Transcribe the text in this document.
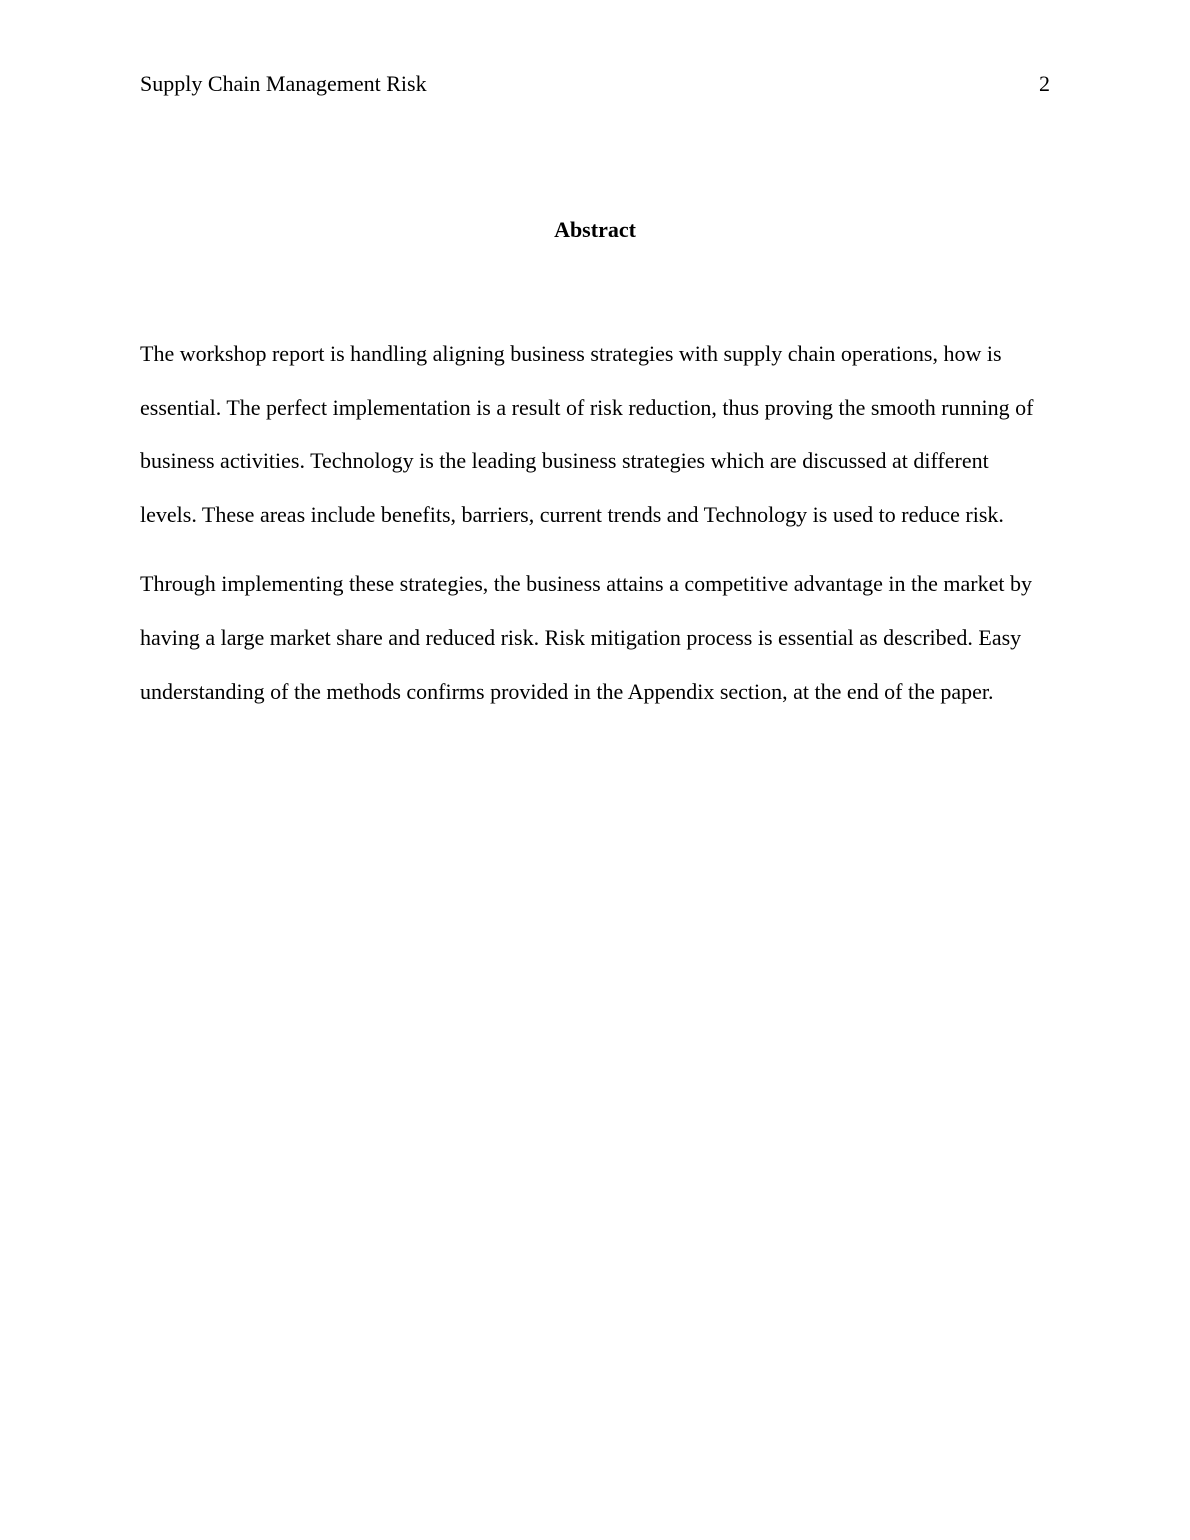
Supply Chain Management Risk	2
Abstract

The workshop report is handling aligning business strategies with supply chain operations, how is essential. The perfect implementation is a result of risk reduction, thus proving the smooth running of business activities. Technology is the leading business strategies which are discussed at different levels. These areas include benefits, barriers, current trends and Technology is used to reduce risk.

Through implementing these strategies, the business attains a competitive advantage in the market by having a large market share and reduced risk. Risk mitigation process is essential as described. Easy understanding of the methods confirms provided in the Appendix section, at the end of the paper.
